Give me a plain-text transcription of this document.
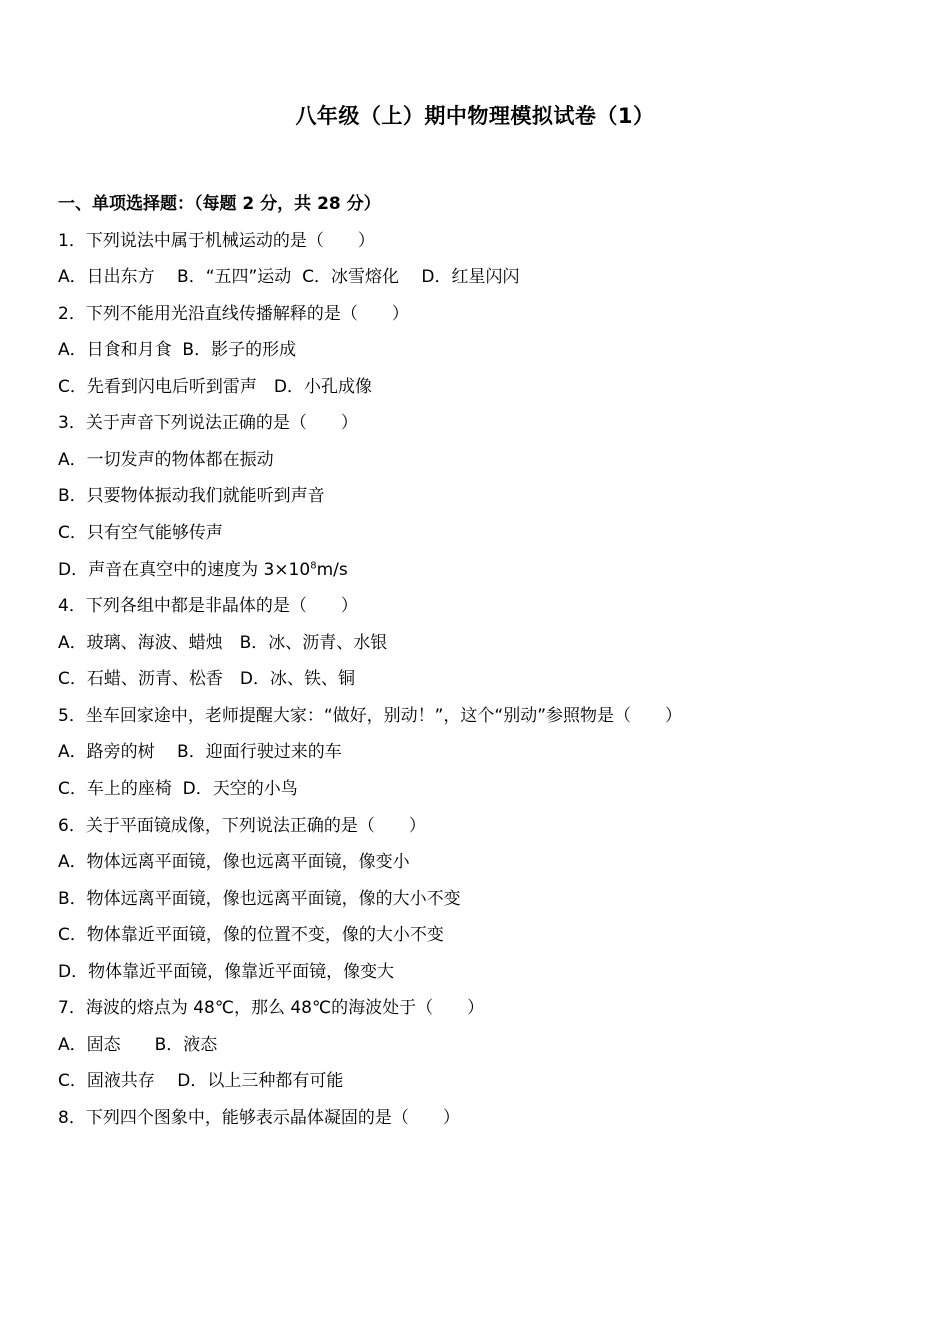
八年级（上）期中物理模拟试卷（1）
一、单项选择题：（每题 2 分，共 28 分）
1．下列说法中属于机械运动的是（　　）
A．日出东方　 B．“五四”运动  C．冰雪熔化　 D．红星闪闪
2．下列不能用光沿直线传播解释的是（　　）
A．日食和月食  B．影子的形成
C．先看到闪电后听到雷声　D．小孔成像
3．关于声音下列说法正确的是（　　）
A．一切发声的物体都在振动
B．只要物体振动我们就能听到声音
C．只有空气能够传声
D．声音在真空中的速度为 $3\times 10^8m/s$
4．下列各组中都是非晶体的是（　　）
A．玻璃、海波、蜡烛　B．冰、沥青、水银
C．石蜡、沥青、松香　D．冰、铁、铜
5．坐车回家途中，老师提醒大家：“做好，别动！”，这个“别动”参照物是（　　）
A．路旁的树　 B．迎面行驶过来的车
C．车上的座椅  D．天空的小鸟
6．关于平面镜成像，下列说法正确的是（　　）
A．物体远离平面镜，像也远离平面镜，像变小
B．物体远离平面镜，像也远离平面镜，像的大小不变
C．物体靠近平面镜，像的位置不变，像的大小不变
D．物体靠近平面镜，像靠近平面镜，像变大
7．海波的熔点为 48℃，那么 48℃的海波处于（　　）
A．固态　　B．液态
C．固液共存　 D．以上三种都有可能
8．下列四个图象中，能够表示晶体凝固的是（　　）
